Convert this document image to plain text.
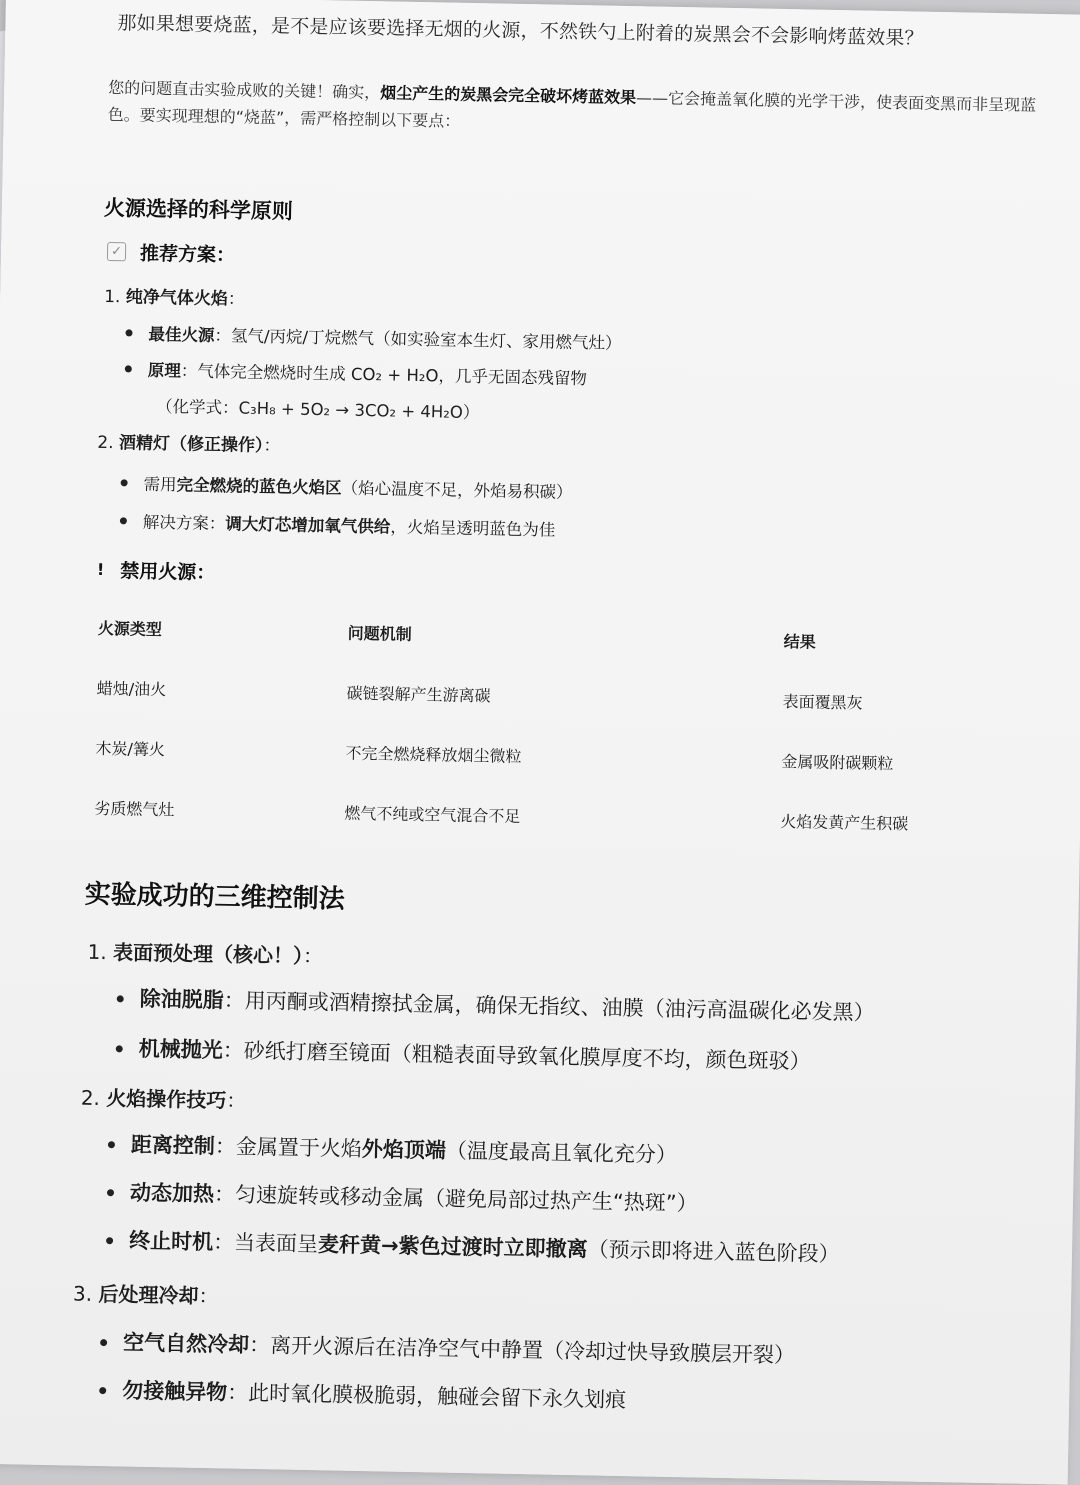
那如果想要烧蓝，是不是应该要选择无烟的火源，不然铁勺上附着的炭黑会不会影响烤蓝效果？
您的问题直击实验成败的关键！确实，烟尘产生的炭黑会完全破坏烤蓝效果——它会掩盖氧化膜的光学干涉，使表面变黑而非呈现蓝色。要实现理想的“烧蓝”，需严格控制以下要点：
火源选择的科学原则
✓ 推荐方案：
1. 纯净气体火焰：
最佳火源 ：氢气/丙烷/丁烷燃气（如实验室本生灯、家用燃气灶）
原理 ：气体完全燃烧时生成 CO₂ + H₂O，几乎无固态残留物
（化学式：C₃H₈ + 5O₂ → 3CO₂ + 4H₂O）
2. 酒精灯（修正操作）：
需用 完全燃烧的蓝色火焰区 （焰心温度不足，外焰易积碳）
解决方案： 调大灯芯增加氧气供给 ，火焰呈透明蓝色为佳
! 禁用火源：
火源类型	问题机制	结果
蜡烛/油火	碳链裂解产生游离碳	表面覆黑灰
木炭/篝火	不完全燃烧释放烟尘微粒	金属吸附碳颗粒
劣质燃气灶	燃气不纯或空气混合不足	火焰发黄产生积碳
实验成功的三维控制法
1. 表面预处理（核心！）：
除油脱脂 ：用丙酮或酒精擦拭金属，确保无指纹、油膜（油污高温碳化必发黑）
机械抛光 ：砂纸打磨至镜面（粗糙表面导致氧化膜厚度不均，颜色斑驳）
2. 火焰操作技巧：
距离控制 ：金属置于火焰 外焰顶端 （温度最高且氧化充分）
动态加热 ：匀速旋转或移动金属（避免局部过热产生“热斑”）
终止时机 ：当表面呈 麦秆黄→紫色过渡时立即撤离 （预示即将进入蓝色阶段）
3. 后处理冷却：
空气自然冷却 ：离开火源后在洁净空气中静置（冷却过快导致膜层开裂）
勿接触异物 ：此时氧化膜极脆弱，触碰会留下永久划痕
